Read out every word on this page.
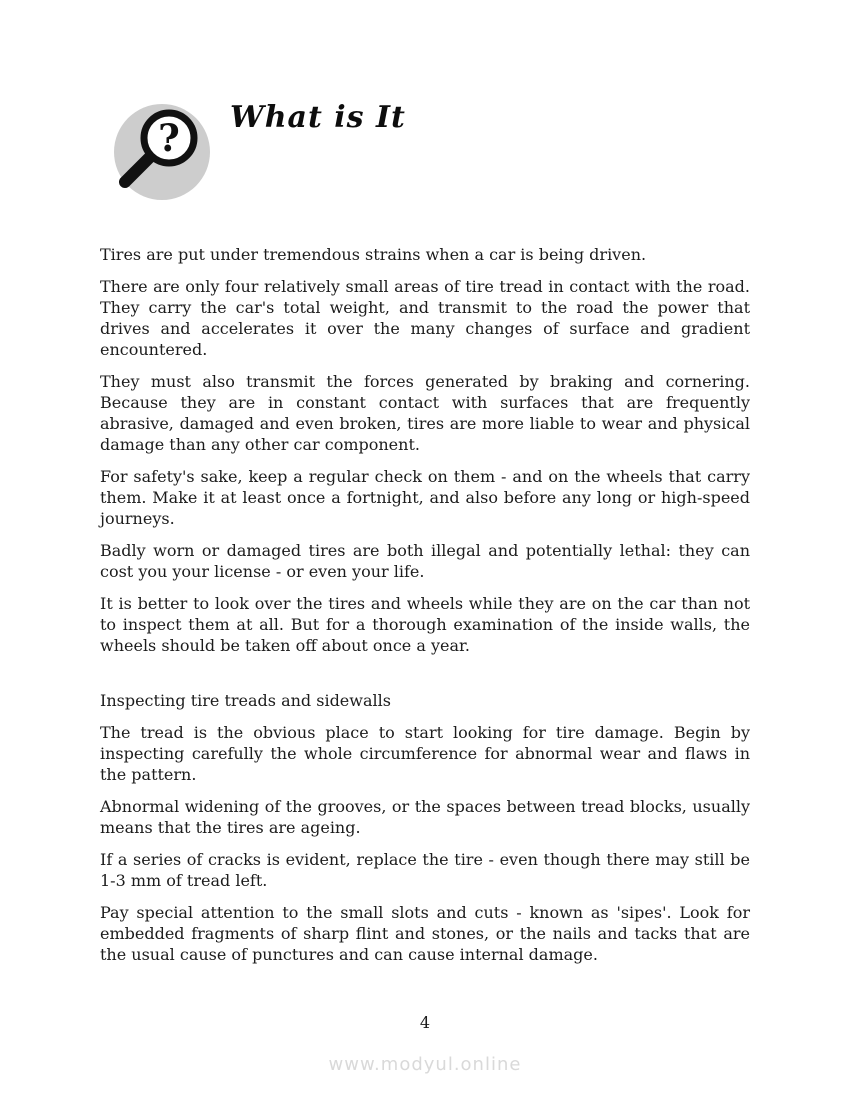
? What is It

Tires are put under tremendous strains when a car is being driven.

There are only four relatively small areas of tire tread in contact with the road. They carry the car's total weight, and transmit to the road the power that drives and accelerates it over the many changes of surface and gradient encountered.

They must also transmit the forces generated by braking and cornering. Because they are in constant contact with surfaces that are frequently abrasive, damaged and even broken, tires are more liable to wear and physical damage than any other car component.

For safety's sake, keep a regular check on them - and on the wheels that carry them. Make it at least once a fortnight, and also before any long or high-speed journeys.

Badly worn or damaged tires are both illegal and potentially lethal: they can cost you your license - or even your life.

It is better to look over the tires and wheels while they are on the car than not to inspect them at all. But for a thorough examination of the inside walls, the wheels should be taken off about once a year.

Inspecting tire treads and sidewalls

The tread is the obvious place to start looking for tire damage. Begin by inspecting carefully the whole circumference for abnormal wear and flaws in the pattern.

Abnormal widening of the grooves, or the spaces between tread blocks, usually means that the tires are ageing.

If a series of cracks is evident, replace the tire - even though there may still be 1-3 mm of tread left.

Pay special attention to the small slots and cuts - known as 'sipes'. Look for embedded fragments of sharp flint and stones, or the nails and tacks that are the usual cause of punctures and can cause internal damage.

4
www.modyul.online
